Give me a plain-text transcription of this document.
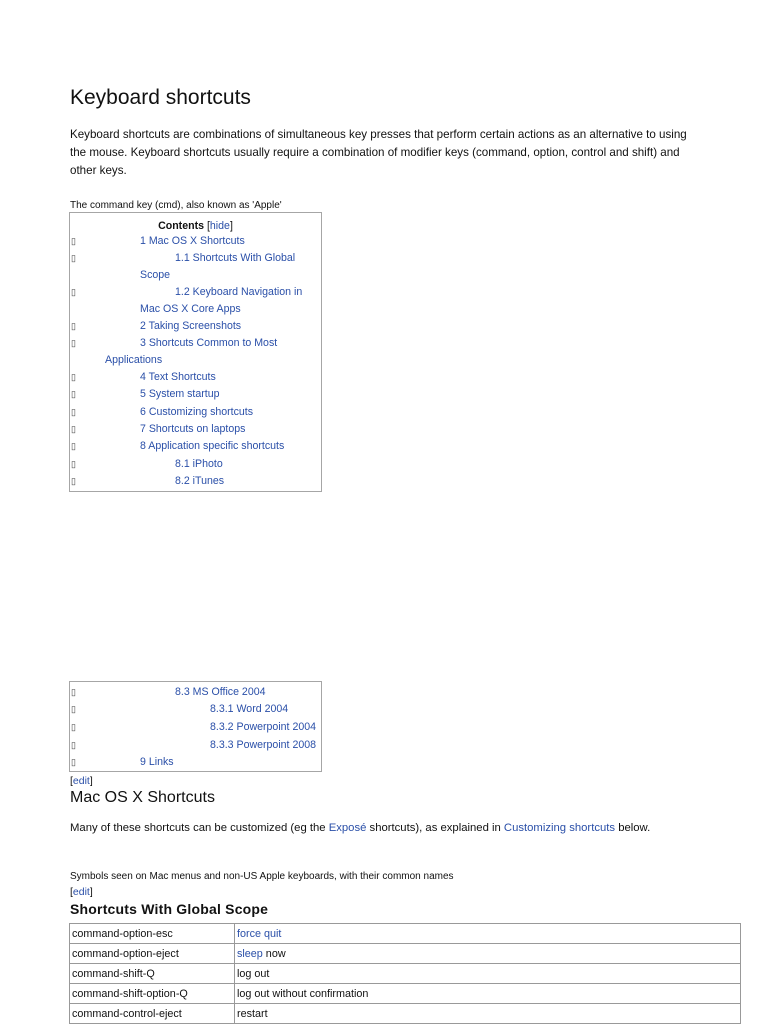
Keyboard shortcuts

Keyboard shortcuts are combinations of simultaneous key presses that perform certain actions as an alternative to using the mouse. Keyboard shortcuts usually require a combination of modifier keys (command, option, control and shift) and other keys.

The command key (cmd), also known as 'Apple'
Contents [hide]
▯	1 Mac OS X Shortcuts
▯	1.1 Shortcuts With Global
Scope
▯	1.2 Keyboard Navigation in
Mac OS X Core Apps
▯	2 Taking Screenshots
▯	3 Shortcuts Common to Most
Applications
▯	4 Text Shortcuts
▯	5 System startup
▯	6 Customizing shortcuts
▯	7 Shortcuts on laptops
▯	8 Application specific shortcuts
▯	8.1 iPhoto
▯	8.2 iTunes
▯	8.3 MS Office 2004
▯	8.3.1 Word 2004
▯	8.3.2 Powerpoint 2004
▯	8.3.3 Powerpoint 2008
▯	9 Links
[edit]
Mac OS X Shortcuts

Many of these shortcuts can be customized (eg the Exposé shortcuts), as explained in Customizing shortcuts below.

Symbols seen on Mac menus and non-US Apple keyboards, with their common names
[edit]
Shortcuts With Global Scope
command-option-esc	force quit
command-option-eject	sleep now
command-shift-Q	log out
command-shift-option-Q	log out without confirmation
command-control-eject	restart
